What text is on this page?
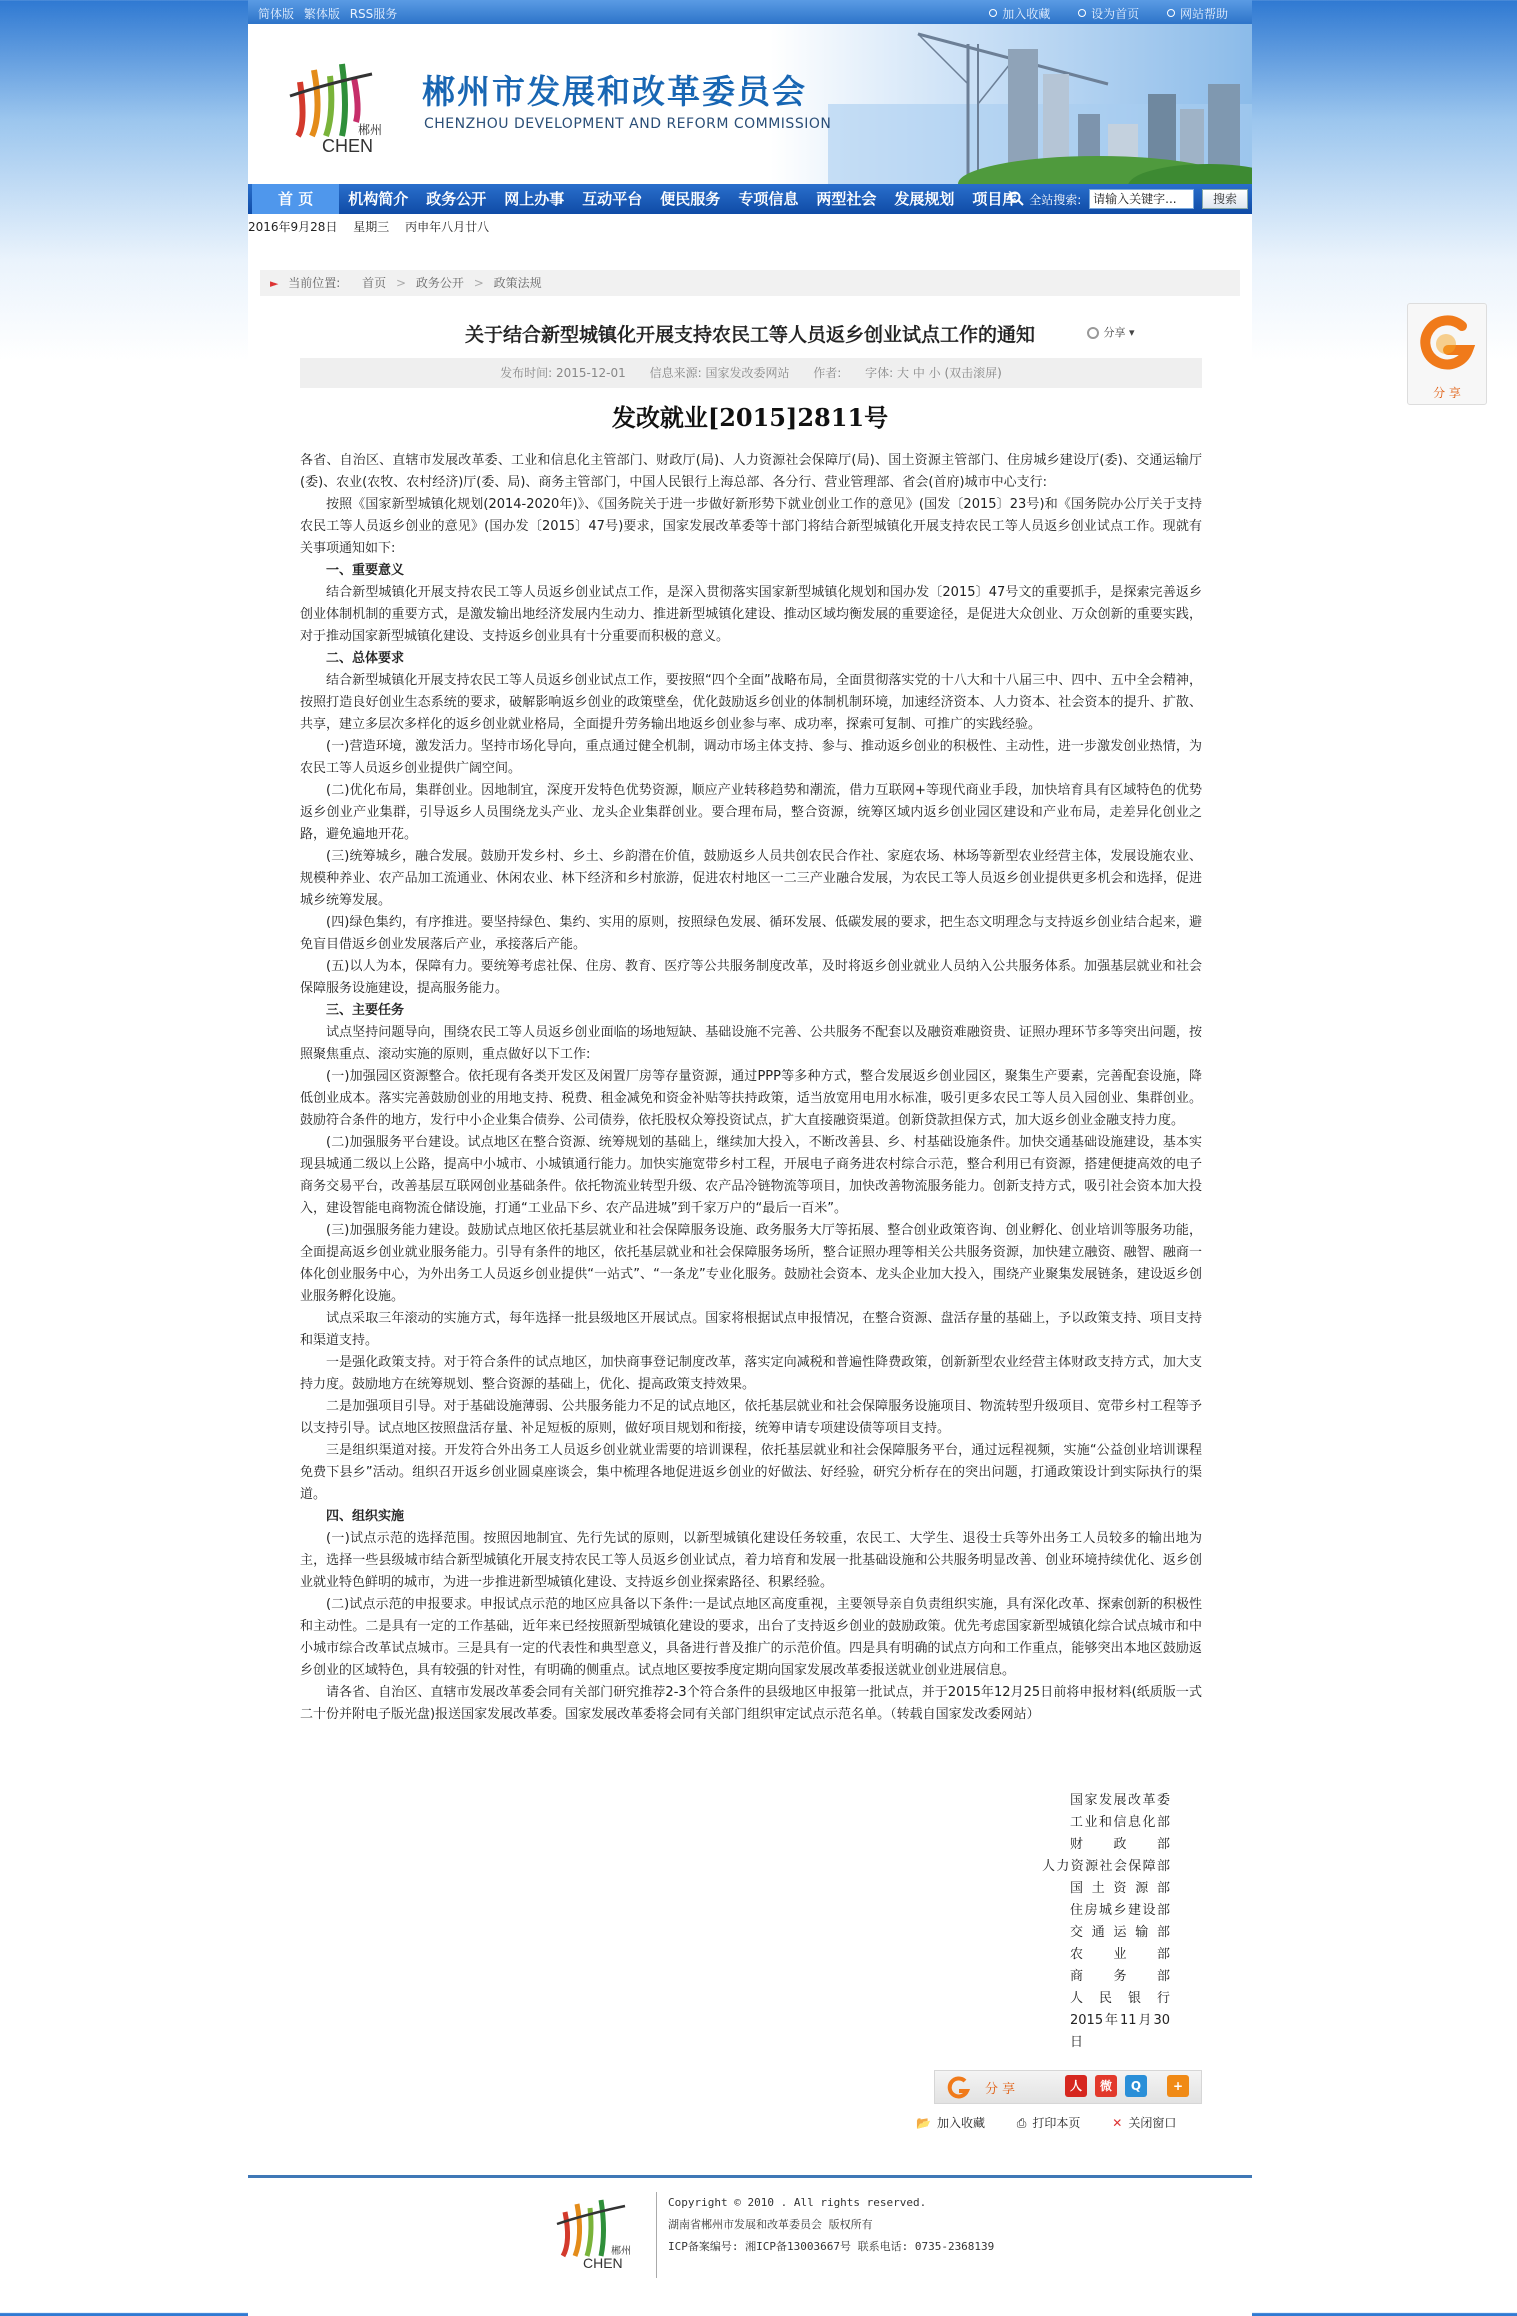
简体版 繁体版 RSS服务	加入收藏	设为首页	网站帮助
郴州
CHEN
郴州市发展和改革委员会
CHENZHOU DEVELOPMENT AND REFORM COMMISSION
首 页	机构简介	政务公开	网上办事	互动平台	便民服务	专项信息	两型社会	发展规划	项目库 全站搜索: 请输入关键字...	搜索
2016年9月28日 星期三 丙申年八月廿八
► 当前位置: 首页 > 政务公开 > 政策法规
关于结合新型城镇化开展支持农民工等人员返乡创业试点工作的通知	分享 ▾
发布时间: 2015-12-01 信息来源: 国家发改委网站 作者: 字体: 大 中 小 (双击滚屏)
发改就业[2015]2811号

各省、自治区、直辖市发展改革委、工业和信息化主管部门、财政厅(局)、人力资源社会保障厅(局)、国土资源主管部门、住房城乡建设厅(委)、交通运输厅(委)、农业(农牧、农村经济)厅(委、局)、商务主管部门，中国人民银行上海总部、各分行、营业管理部、省会(首府)城市中心支行:

按照《国家新型城镇化规划(2014-2020年)》、《国务院关于进一步做好新形势下就业创业工作的意见》(国发〔2015〕23号)和《国务院办公厅关于支持农民工等人员返乡创业的意见》(国办发〔2015〕47号)要求，国家发展改革委等十部门将结合新型城镇化开展支持农民工等人员返乡创业试点工作。现就有关事项通知如下:

一、重要意义

结合新型城镇化开展支持农民工等人员返乡创业试点工作，是深入贯彻落实国家新型城镇化规划和国办发〔2015〕47号文的重要抓手，是探索完善返乡创业体制机制的重要方式，是激发输出地经济发展内生动力、推进新型城镇化建设、推动区域均衡发展的重要途径，是促进大众创业、万众创新的重要实践，对于推动国家新型城镇化建设、支持返乡创业具有十分重要而积极的意义。

二、总体要求

结合新型城镇化开展支持农民工等人员返乡创业试点工作，要按照“四个全面”战略布局，全面贯彻落实党的十八大和十八届三中、四中、五中全会精神，按照打造良好创业生态系统的要求，破解影响返乡创业的政策壁垒，优化鼓励返乡创业的体制机制环境，加速经济资本、人力资本、社会资本的提升、扩散、共享，建立多层次多样化的返乡创业就业格局，全面提升劳务输出地返乡创业参与率、成功率，探索可复制、可推广的实践经验。

(一)营造环境，激发活力。坚持市场化导向，重点通过健全机制，调动市场主体支持、参与、推动返乡创业的积极性、主动性，进一步激发创业热情，为农民工等人员返乡创业提供广阔空间。

(二)优化布局，集群创业。因地制宜，深度开发特色优势资源，顺应产业转移趋势和潮流，借力互联网+等现代商业手段，加快培育具有区域特色的优势返乡创业产业集群，引导返乡人员围绕龙头产业、龙头企业集群创业。要合理布局，整合资源，统筹区域内返乡创业园区建设和产业布局，走差异化创业之路，避免遍地开花。

(三)统筹城乡，融合发展。鼓励开发乡村、乡土、乡韵潜在价值，鼓励返乡人员共创农民合作社、家庭农场、林场等新型农业经营主体，发展设施农业、规模种养业、农产品加工流通业、休闲农业、林下经济和乡村旅游，促进农村地区一二三产业融合发展，为农民工等人员返乡创业提供更多机会和选择，促进城乡统筹发展。

(四)绿色集约，有序推进。要坚持绿色、集约、实用的原则，按照绿色发展、循环发展、低碳发展的要求，把生态文明理念与支持返乡创业结合起来，避免盲目借返乡创业发展落后产业，承接落后产能。

(五)以人为本，保障有力。要统筹考虑社保、住房、教育、医疗等公共服务制度改革，及时将返乡创业就业人员纳入公共服务体系。加强基层就业和社会保障服务设施建设，提高服务能力。

三、主要任务

试点坚持问题导向，围绕农民工等人员返乡创业面临的场地短缺、基础设施不完善、公共服务不配套以及融资难融资贵、证照办理环节多等突出问题，按照聚焦重点、滚动实施的原则，重点做好以下工作:

(一)加强园区资源整合。依托现有各类开发区及闲置厂房等存量资源，通过PPP等多种方式，整合发展返乡创业园区，聚集生产要素，完善配套设施，降低创业成本。落实完善鼓励创业的用地支持、税费、租金减免和资金补贴等扶持政策，适当放宽用电用水标准，吸引更多农民工等人员入园创业、集群创业。鼓励符合条件的地方，发行中小企业集合债券、公司债券，依托股权众筹投资试点，扩大直接融资渠道。创新贷款担保方式，加大返乡创业金融支持力度。

(二)加强服务平台建设。试点地区在整合资源、统筹规划的基础上，继续加大投入，不断改善县、乡、村基础设施条件。加快交通基础设施建设，基本实现县城通二级以上公路，提高中小城市、小城镇通行能力。加快实施宽带乡村工程，开展电子商务进农村综合示范，整合利用已有资源，搭建便捷高效的电子商务交易平台，改善基层互联网创业基础条件。依托物流业转型升级、农产品冷链物流等项目，加快改善物流服务能力。创新支持方式，吸引社会资本加大投入，建设智能电商物流仓储设施，打通“工业品下乡、农产品进城”到千家万户的“最后一百米”。

(三)加强服务能力建设。鼓励试点地区依托基层就业和社会保障服务设施、政务服务大厅等拓展、整合创业政策咨询、创业孵化、创业培训等服务功能，全面提高返乡创业就业服务能力。引导有条件的地区，依托基层就业和社会保障服务场所，整合证照办理等相关公共服务资源，加快建立融资、融智、融商一体化创业服务中心，为外出务工人员返乡创业提供“一站式”、“一条龙”专业化服务。鼓励社会资本、龙头企业加大投入，围绕产业聚集发展链条，建设返乡创业服务孵化设施。

试点采取三年滚动的实施方式，每年选择一批县级地区开展试点。国家将根据试点申报情况，在整合资源、盘活存量的基础上，予以政策支持、项目支持和渠道支持。

一是强化政策支持。对于符合条件的试点地区，加快商事登记制度改革，落实定向减税和普遍性降费政策，创新新型农业经营主体财政支持方式，加大支持力度。鼓励地方在统筹规划、整合资源的基础上，优化、提高政策支持效果。

二是加强项目引导。对于基础设施薄弱、公共服务能力不足的试点地区，依托基层就业和社会保障服务设施项目、物流转型升级项目、宽带乡村工程等予以支持引导。试点地区按照盘活存量、补足短板的原则，做好项目规划和衔接，统筹申请专项建设债等项目支持。

三是组织渠道对接。开发符合外出务工人员返乡创业就业需要的培训课程，依托基层就业和社会保障服务平台，通过远程视频，实施“公益创业培训课程免费下县乡”活动。组织召开返乡创业圆桌座谈会，集中梳理各地促进返乡创业的好做法、好经验，研究分析存在的突出问题，打通政策设计到实际执行的渠道。

四、组织实施

(一)试点示范的选择范围。按照因地制宜、先行先试的原则，以新型城镇化建设任务较重，农民工、大学生、退役士兵等外出务工人员较多的输出地为主，选择一些县级城市结合新型城镇化开展支持农民工等人员返乡创业试点，着力培育和发展一批基础设施和公共服务明显改善、创业环境持续优化、返乡创业就业特色鲜明的城市，为进一步推进新型城镇化建设、支持返乡创业探索路径、积累经验。

(二)试点示范的申报要求。申报试点示范的地区应具备以下条件:一是试点地区高度重视，主要领导亲自负责组织实施，具有深化改革、探索创新的积极性和主动性。二是具有一定的工作基础，近年来已经按照新型城镇化建设的要求，出台了支持返乡创业的鼓励政策。优先考虑国家新型城镇化综合试点城市和中小城市综合改革试点城市。三是具有一定的代表性和典型意义，具备进行普及推广的示范价值。四是具有明确的试点方向和工作重点，能够突出本地区鼓励返乡创业的区域特色，具有较强的针对性，有明确的侧重点。试点地区要按季度定期向国家发展改革委报送就业创业进展信息。

请各省、自治区、直辖市发展改革委会同有关部门研究推荐2-3个符合条件的县级地区申报第一批试点，并于2015年12月25日前将申报材料(纸质版一式二十份并附电子版光盘)报送国家发展改革委。国家发展改革委将会同有关部门组织审定试点示范名单。（转载自国家发改委网站）

国家发展改革委
工业和信息化部
财政部
人力资源社会保障部
国土资源部
住房城乡建设部
交通运输部
农业部
商务部
人民银行
2015年11月30日
分 享	人	微	Q	+
📂 加入收藏	⎙ 打印本页	✕ 关闭窗口
郴州
CHEN
Copyright © 2010 . All rights reserved.
湖南省郴州市发展和改革委员会 版权所有
ICP备案编号: 湘ICP备13003667号 联系电话: 0735-2368139
分 享
